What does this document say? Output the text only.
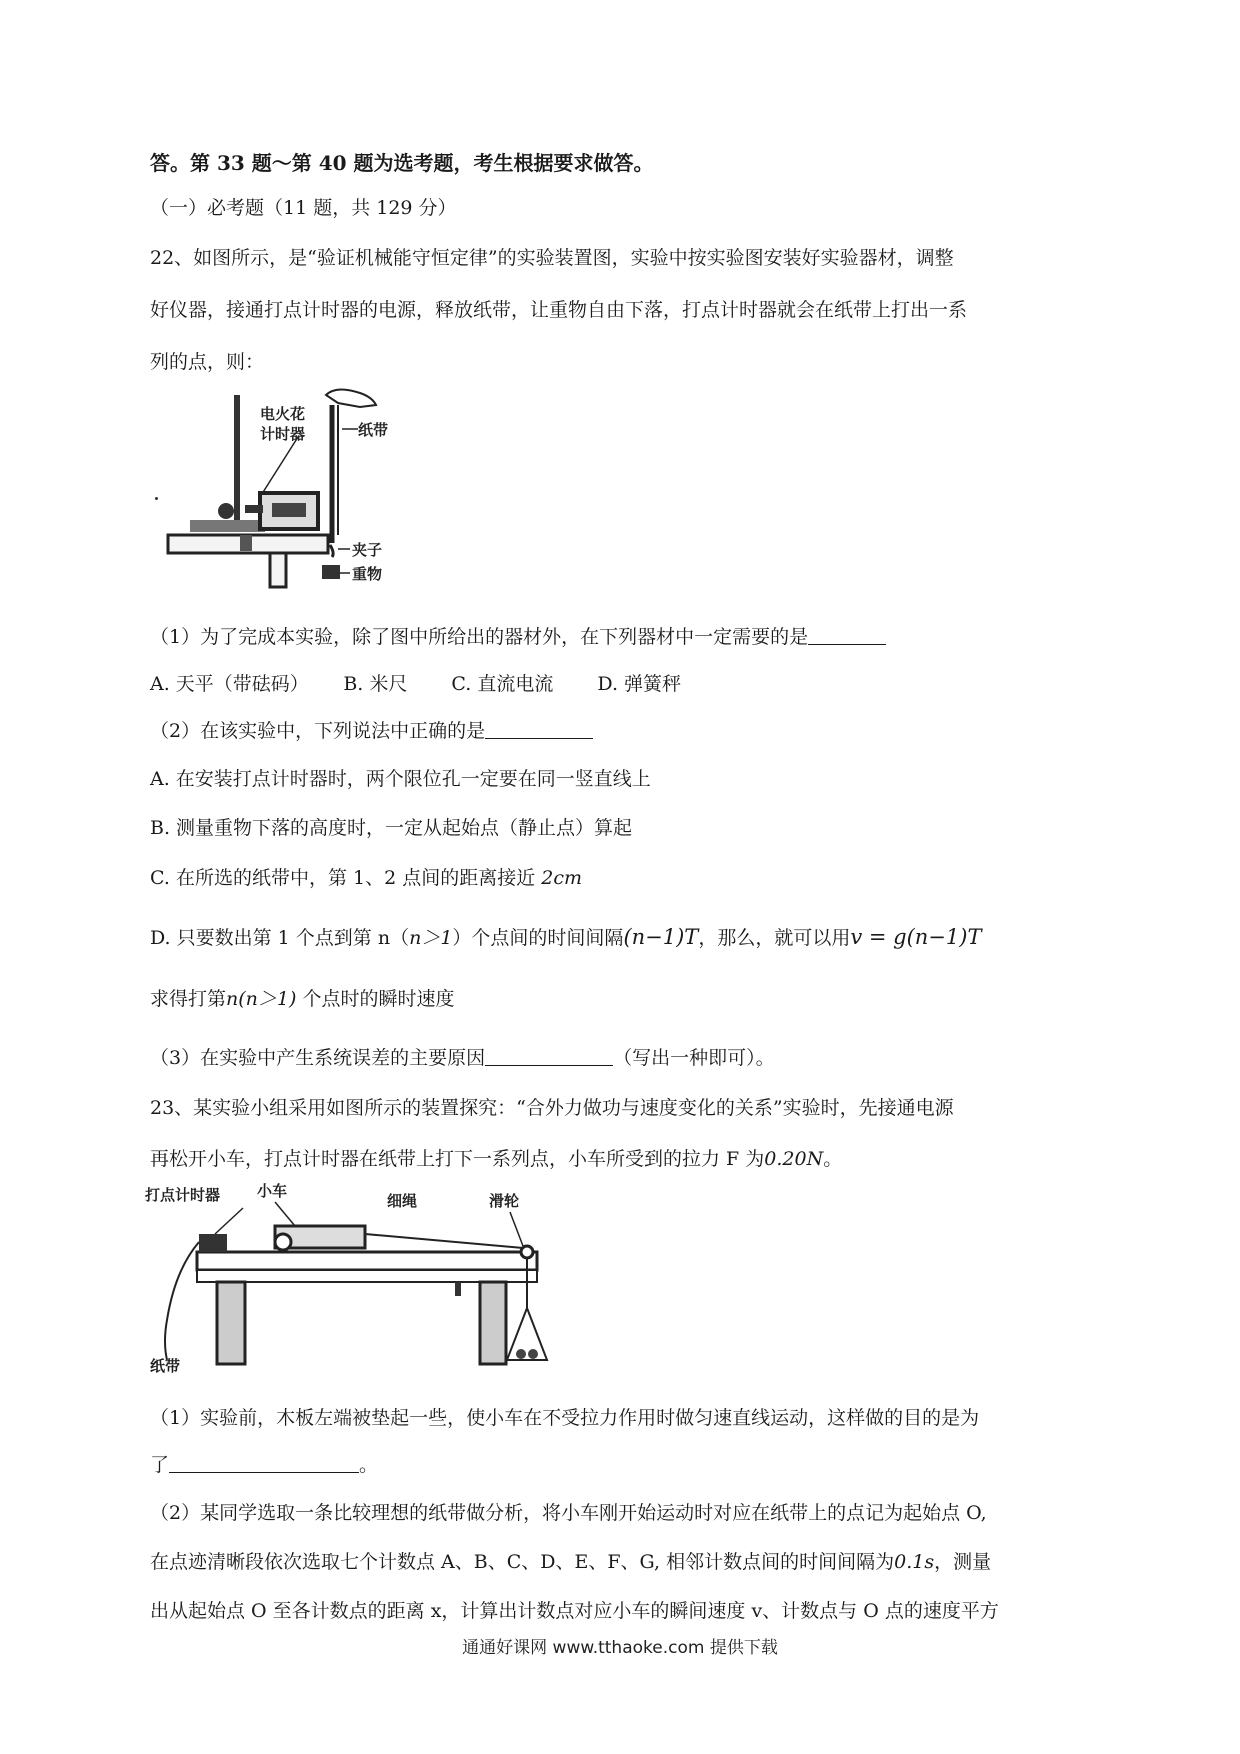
答。第 33 题～第 40 题为选考题，考生根据要求做答。
（一）必考题（11 题，共 129 分）
22、如图所示，是“验证机械能守恒定律”的实验装置图，实验中按实验图安装好实验器材，调整
好仪器，接通打点计时器的电源，释放纸带，让重物自由下落，打点计时器就会在纸带上打出一系
列的点，则：
电火花
计时器	纸带
夹子
重物
（1）为了完成本实验，除了图中所给出的器材外，在下列器材中一定需要的是
A. 天平（带砝码）　　 B. 米尺　　 C. 直流电流　　 D. 弹簧秤
（2）在该实验中，下列说法中正确的是
A. 在安装打点计时器时，两个限位孔一定要在同一竖直线上
B. 测量重物下落的高度时，一定从起始点（静止点）算起
C. 在所选的纸带中，第 1、2 点间的距离接近 2cm
D. 只要数出第 1 个点到第 n（n＞1）个点间的时间间隔(n−1)T，那么，就可以用v = g(n−1)T
求得打第n(n＞1) 个点时的瞬时速度
（3）在实验中产生系统误差的主要原因	（写出一种即可）。
23、某实验小组采用如图所示的装置探究：“合外力做功与速度变化的关系”实验时，先接通电源
再松开小车，打点计时器在纸带上打下一系列点，小车所受到的拉力 F 为0.20N。
打点计时器 小车
细绳	滑轮
纸带
（1）实验前，木板左端被垫起一些，使小车在不受拉力作用时做匀速直线运动，这样做的目的是为
了	。
（2）某同学选取一条比较理想的纸带做分析，将小车刚开始运动时对应在纸带上的点记为起始点 O,
在点迹清晰段依次选取七个计数点 A、B、C、D、E、F、G, 相邻计数点间的时间间隔为0.1s，测量
出从起始点 O 至各计数点的距离 x，计算出计数点对应小车的瞬间速度 v、计数点与 O 点的速度平方
通通好课网 www.tthaoke.com 提供下载
